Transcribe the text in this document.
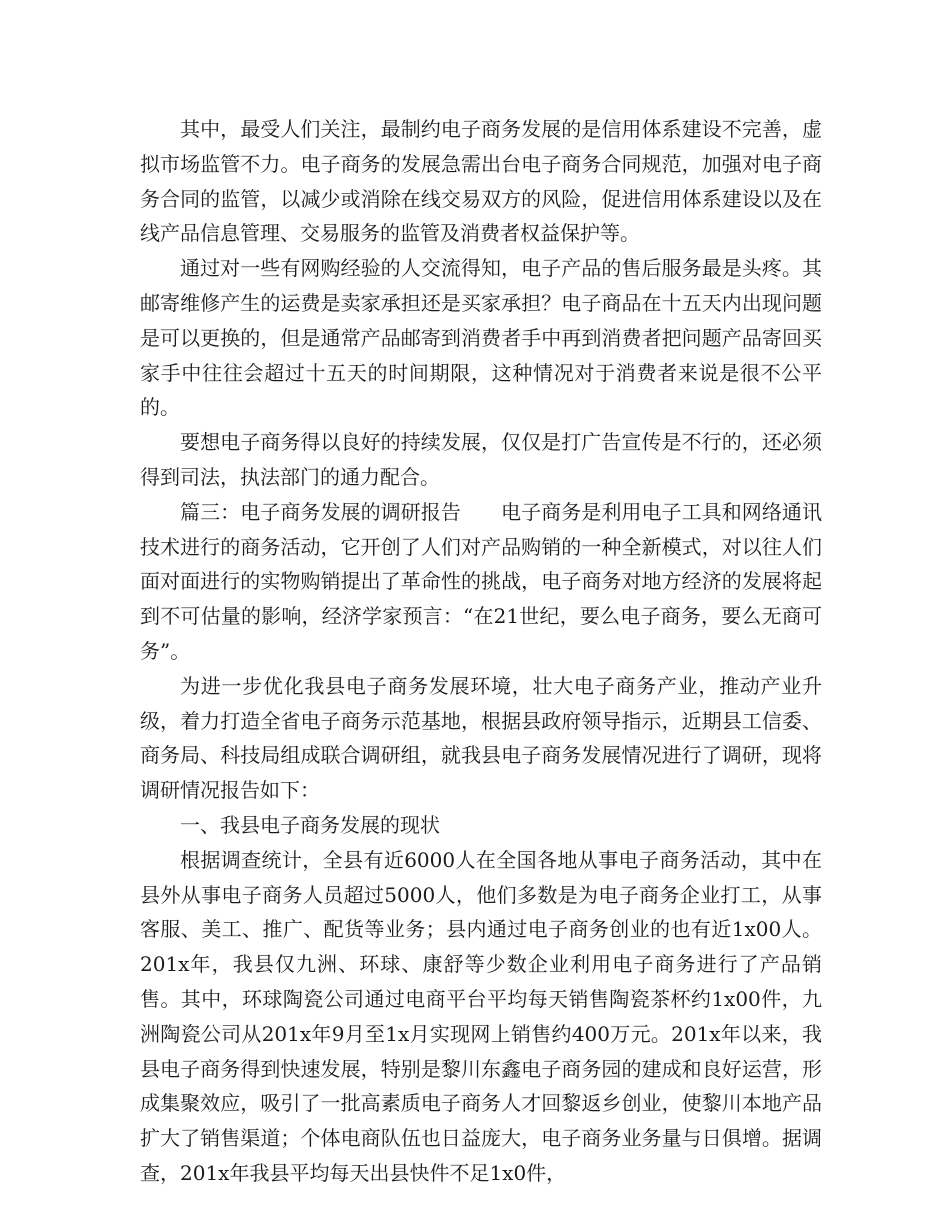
其中，最受人们关注，最制约电子商务发展的是信用体系建设不完善，虚拟市场监管不力。电子商务的发展急需出台电子商务合同规范，加强对电子商务合同的监管，以减少或消除在线交易双方的风险，促进信用体系建设以及在线产品信息管理、交易服务的监管及消费者权益保护等。

通过对一些有网购经验的人交流得知，电子产品的售后服务最是头疼。其邮寄维修产生的运费是卖家承担还是买家承担？电子商品在十五天内出现问题是可以更换的，但是通常产品邮寄到消费者手中再到消费者把问题产品寄回买家手中往往会超过十五天的时间期限，这种情况对于消费者来说是很不公平的。

要想电子商务得以良好的持续发展，仅仅是打广告宣传是不行的，还必须得到司法，执法部门的通力配合。

篇三：电子商务发展的调研报告 电子商务是利用电子工具和网络通讯技术进行的商务活动，它开创了人们对产品购销的一种全新模式，对以往人们面对面进行的实物购销提出了革命性的挑战，电子商务对地方经济的发展将起到不可估量的影响，经济学家预言：“在21世纪，要么电子商务，要么无商可务”。

为进一步优化我县电子商务发展环境，壮大电子商务产业，推动产业升级，着力打造全省电子商务示范基地，根据县政府领导指示，近期县工信委、商务局、科技局组成联合调研组，就我县电子商务发展情况进行了调研，现将调研情况报告如下：

一、我县电子商务发展的现状

根据调查统计，全县有近6000人在全国各地从事电子商务活动，其中在县外从事电子商务人员超过5000人，他们多数是为电子商务企业打工，从事客服、美工、推广、配货等业务；县内通过电子商务创业的也有近1x00人。201x年，我县仅九洲、环球、康舒等少数企业利用电子商务进行了产品销售。其中，环球陶瓷公司通过电商平台平均每天销售陶瓷茶杯约1x00件，九洲陶瓷公司从201x年9月至1x月实现网上销售约400万元。201x年以来，我县电子商务得到快速发展，特别是黎川东鑫电子商务园的建成和良好运营，形成集聚效应，吸引了一批高素质电子商务人才回黎返乡创业，使黎川本地产品扩大了销售渠道；个体电商队伍也日益庞大，电子商务业务量与日俱增。据调查，201x年我县平均每天出县快件不足1x0件，
